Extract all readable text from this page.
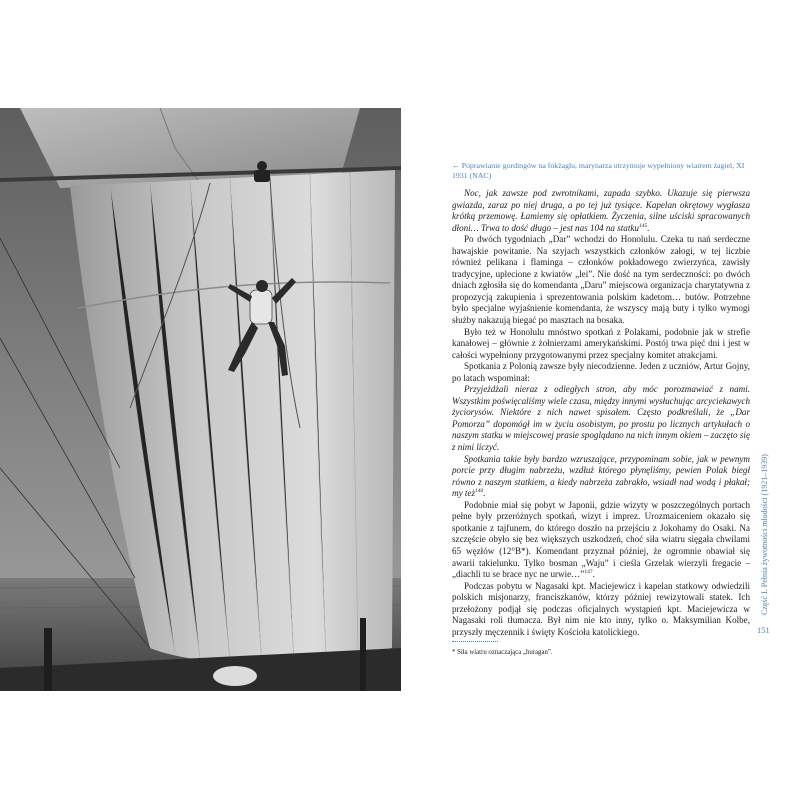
← Poprawianie gordingów na fokżaglu, marynarza utrzymuje wypełniony wiatrem żagiel, XI 1931 (NAC)

Noc, jak zawsze pod zwrotnikami, zapada szybko. Ukazuje się pierwsza gwiazda, zaraz po niej druga, a po tej już tysiące. Kapelan okrętowy wygłasza krótką przemowę. Łamiemy się opłatkiem. Życzenia, silne uściski spracowanych dłoni… Trwa to dość długo – jest nas 104 na statku$^{145}$.

Po dwóch tygodniach „Dar” wchodzi do Honolulu. Czeka tu nań serdeczne hawajskie powitanie. Na szyjach wszystkich członków załogi, w tej liczbie również pelikana i flaminga – członków pokładowego zwierzyńca, zawisły tradycyjne, uplecione z kwiatów „lei”. Nie dość na tym serdeczności: po dwóch dniach zgłosiła się do komendanta „Daru” miejscowa organizacja charytatywna z propozycją zakupienia i sprezentowania polskim kadetom… butów. Potrzebne było specjalne wyjaśnienie komendanta, że wszyscy mają buty i tylko wymogi służby nakazują biegać po masztach na bosaka.

Było też w Honolulu mnóstwo spotkań z Polakami, podobnie jak w strefie kanałowej – głównie z żołnierzami amerykańskimi. Postój trwa pięć dni i jest w całości wypełniony przygotowanymi przez specjalny komitet atrakcjami.

Spotkania z Polonią zawsze były niecodzienne. Jeden z uczniów, Artur Gojny, po latach wspominał:

Przyjeżdżali nieraz z odległych stron, aby móc porozmawiać z nami. Wszystkim poświęcaliśmy wiele czasu, między innymi wysłuchując arcyciekawych życiorysów. Niektóre z nich nawet spisałem. Często podkreślali, że „Dar Pomorza” dopomógł im w życiu osobistym, po prostu po licznych artykułach o naszym statku w miejscowej prasie spoglądano na nich innym okiem – zaczęto się z nimi liczyć.

Spotkania takie były bardzo wzruszające, przypominam sobie, jak w pewnym porcie przy długim nabrzeżu, wzdłuż którego płynęliśmy, pewien Polak biegł równo z naszym statkiem, a kiedy nabrzeża zabrakło, wsiadł nad wodą i płakał; my też$^{146}$.

Podobnie miał się pobyt w Japonii, gdzie wizyty w poszczególnych portach pełne były przeróżnych spotkań, wizyt i imprez. Urozmaiceniem okazało się spotkanie z tajfunem, do którego doszło na przejściu z Jokohamy do Osaki. Na szczęście obyło się bez większych uszkodzeń, choć siła wiatru sięgała chwilami 65 węzłów (12°B*). Komendant przyznał później, że ogromnie obawiał się awarii takielunku. Tylko bosman „Waju” i cieśla Grzelak wierzyli fregacie – „diachli tu se brace nyc ne urwie…”$^{147}$.

Podczas pobytu w Nagasaki kpt. Maciejewicz i kapelan statkowy odwiedzili polskich misjonarzy, franciszkanów, którzy później rewizytowali statek. Ich przełożony podjął się podczas oficjalnych wystąpień kpt. Maciejewicza w Nagasaki roli tłumacza. Był nim nie kto inny, tylko o. Maksymilian Kolbe, przyszły męczennik i święty Kościoła katolickiego.

* Siła wiatru oznaczająca „huragan”.
Część I. Pełnia żywotności młodości (1921–1939)
151
